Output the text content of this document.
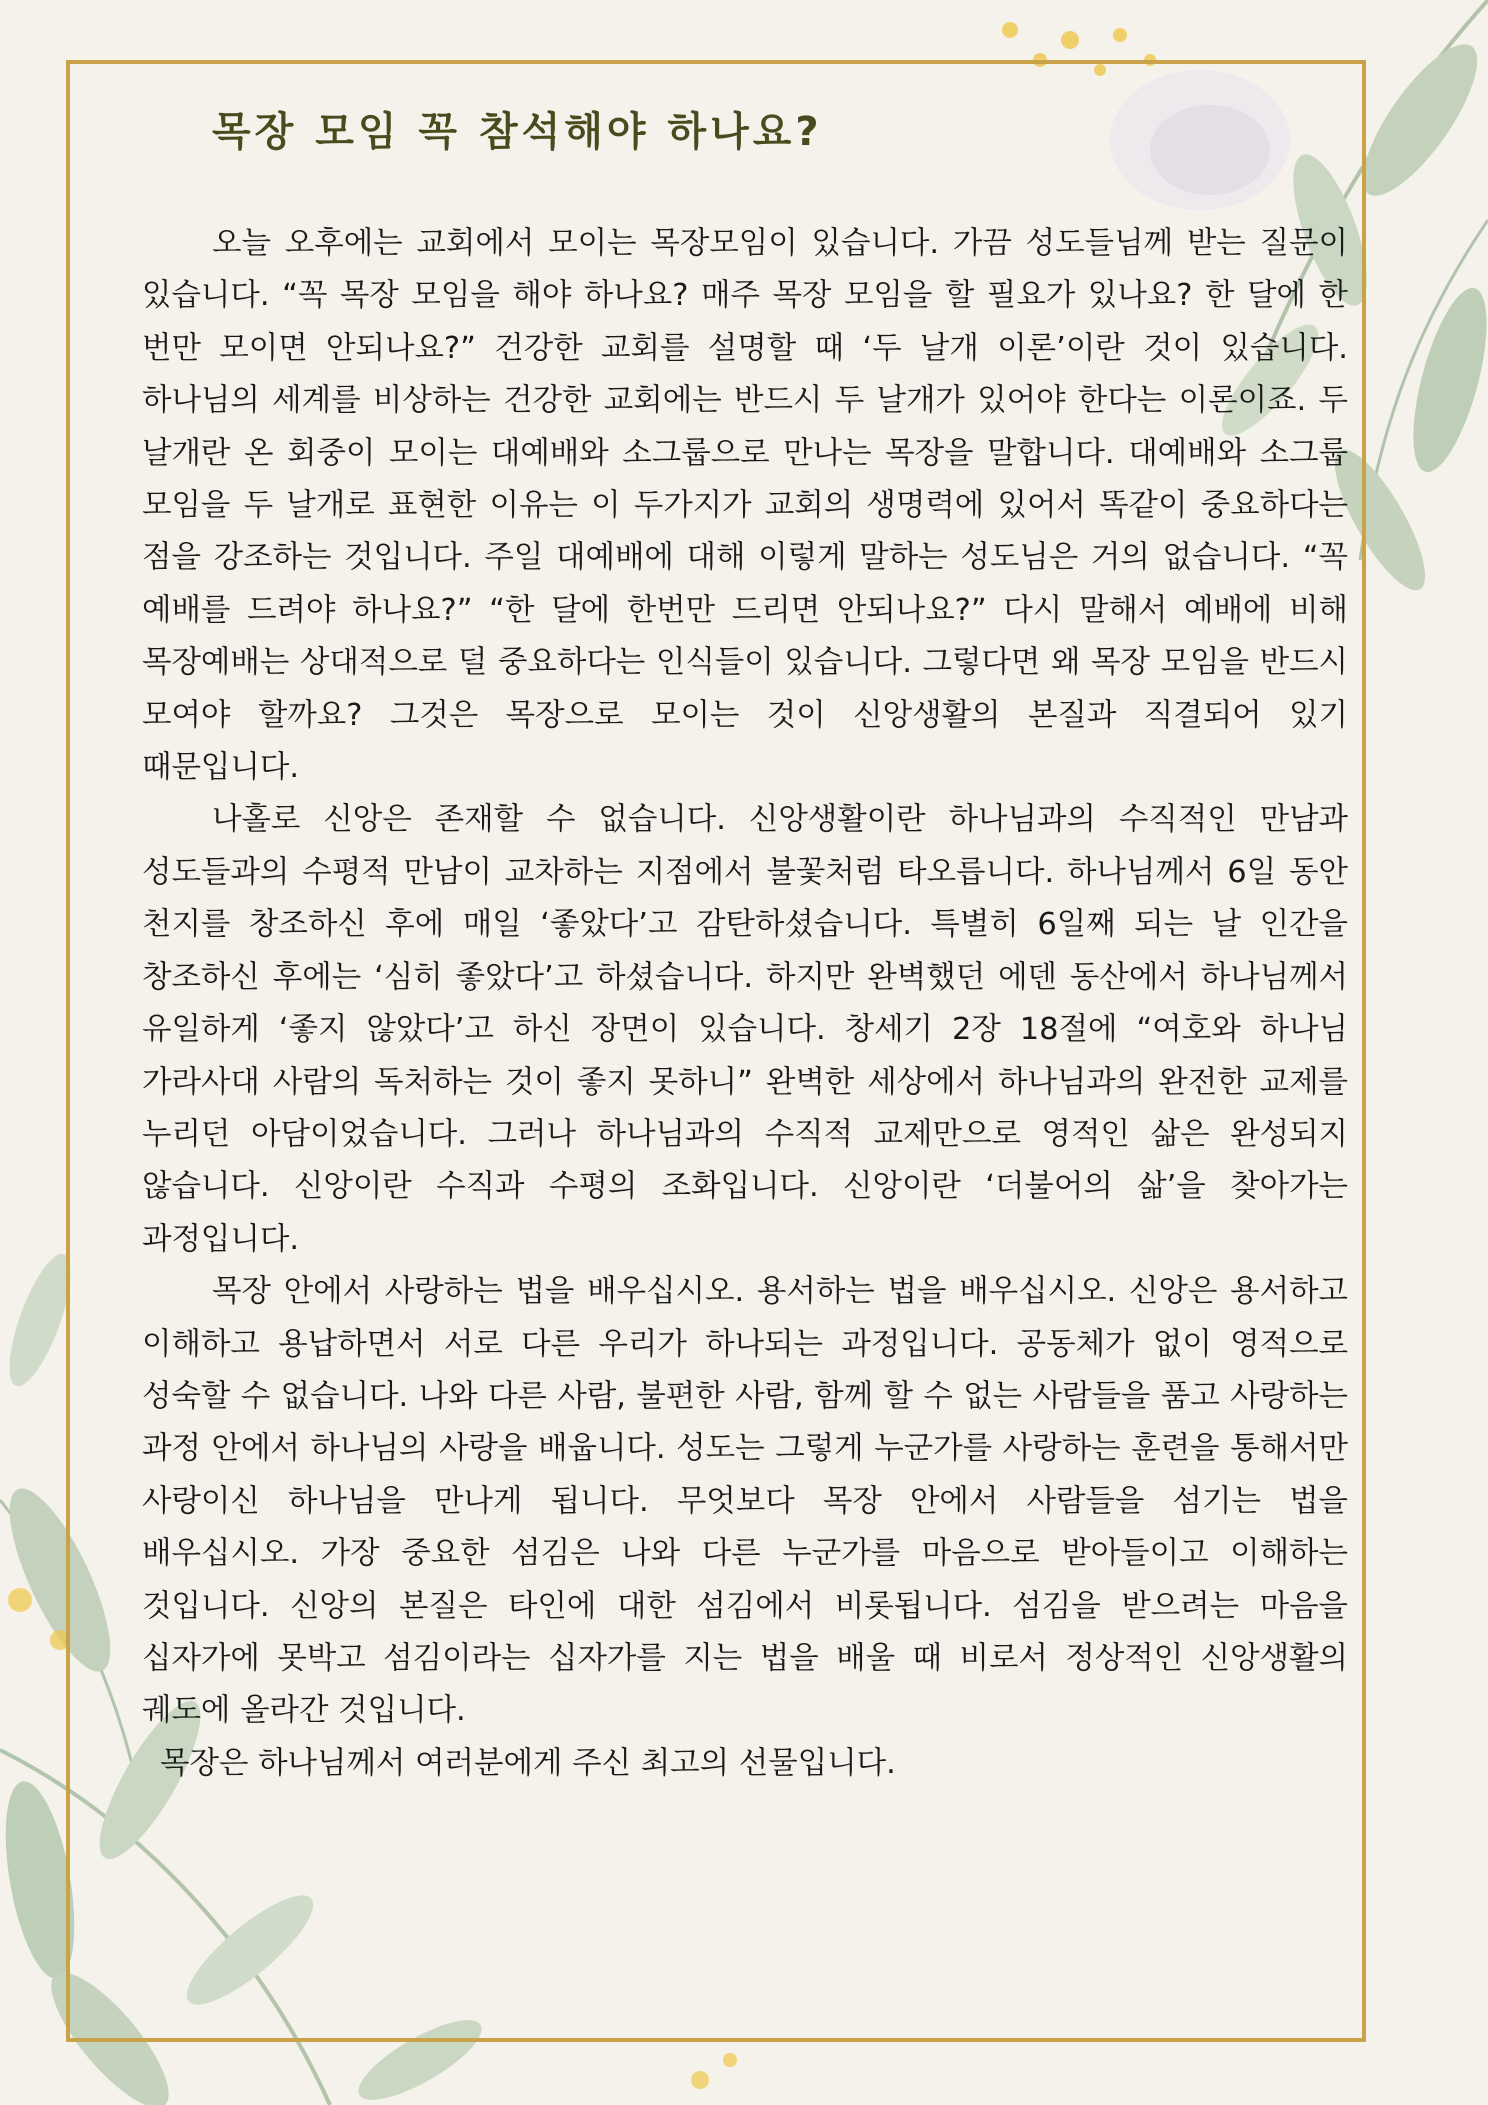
목장 모임 꼭 참석해야 하나요?

오늘 오후에는 교회에서 모이는 목장모임이 있습니다. 가끔 성도들님께 받는 질문이 있습니다. “꼭 목장 모임을 해야 하나요? 매주 목장 모임을 할 필요가 있나요? 한 달에 한 번만 모이면 안되나요?” 건강한 교회를 설명할 때 ‘두 날개 이론’이란 것이 있습니다. 하나님의 세계를 비상하는 건강한 교회에는 반드시 두 날개가 있어야 한다는 이론이죠. 두 날개란 온 회중이 모이는 대예배와 소그룹으로 만나는 목장을 말합니다. 대예배와 소그룹 모임을 두 날개로 표현한 이유는 이 두가지가 교회의 생명력에 있어서 똑같이 중요하다는 점을 강조하는 것입니다. 주일 대예배에 대해 이렇게 말하는 성도님은 거의 없습니다. “꼭 예배를 드려야 하나요?” “한 달에 한번만 드리면 안되나요?” 다시 말해서 예배에 비해 목장예배는 상대적으로 덜 중요하다는 인식들이 있습니다. 그렇다면 왜 목장 모임을 반드시 모여야 할까요? 그것은 목장으로 모이는 것이 신앙생활의 본질과 직결되어 있기 때문입니다.

나홀로 신앙은 존재할 수 없습니다. 신앙생활이란 하나님과의 수직적인 만남과 성도들과의 수평적 만남이 교차하는 지점에서 불꽃처럼 타오릅니다. 하나님께서 6일 동안 천지를 창조하신 후에 매일 ‘좋았다’고 감탄하셨습니다. 특별히 6일째 되는 날 인간을 창조하신 후에는 ‘심히 좋았다’고 하셨습니다. 하지만 완벽했던 에덴 동산에서 하나님께서 유일하게 ‘좋지 않았다’고 하신 장면이 있습니다. 창세기 2장 18절에 “여호와 하나님 가라사대 사람의 독처하는 것이 좋지 못하니” 완벽한 세상에서 하나님과의 완전한 교제를 누리던 아담이었습니다. 그러나 하나님과의 수직적 교제만으로 영적인 삶은 완성되지 않습니다. 신앙이란 수직과 수평의 조화입니다. 신앙이란 ‘더불어의 삶’을 찾아가는 과정입니다.

목장 안에서 사랑하는 법을 배우십시오. 용서하는 법을 배우십시오. 신앙은 용서하고 이해하고 용납하면서 서로 다른 우리가 하나되는 과정입니다. 공동체가 없이 영적으로 성숙할 수 없습니다. 나와 다른 사람, 불편한 사람, 함께 할 수 없는 사람들을 품고 사랑하는 과정 안에서 하나님의 사랑을 배웁니다. 성도는 그렇게 누군가를 사랑하는 훈련을 통해서만 사랑이신 하나님을 만나게 됩니다. 무엇보다 목장 안에서 사람들을 섬기는 법을 배우십시오. 가장 중요한 섬김은 나와 다른 누군가를 마음으로 받아들이고 이해하는 것입니다. 신앙의 본질은 타인에 대한 섬김에서 비롯됩니다. 섬김을 받으려는 마음을 십자가에 못박고 섬김이라는 십자가를 지는 법을 배울 때 비로서 정상적인 신앙생활의 궤도에 올라간 것입니다.

목장은 하나님께서 여러분에게 주신 최고의 선물입니다.
